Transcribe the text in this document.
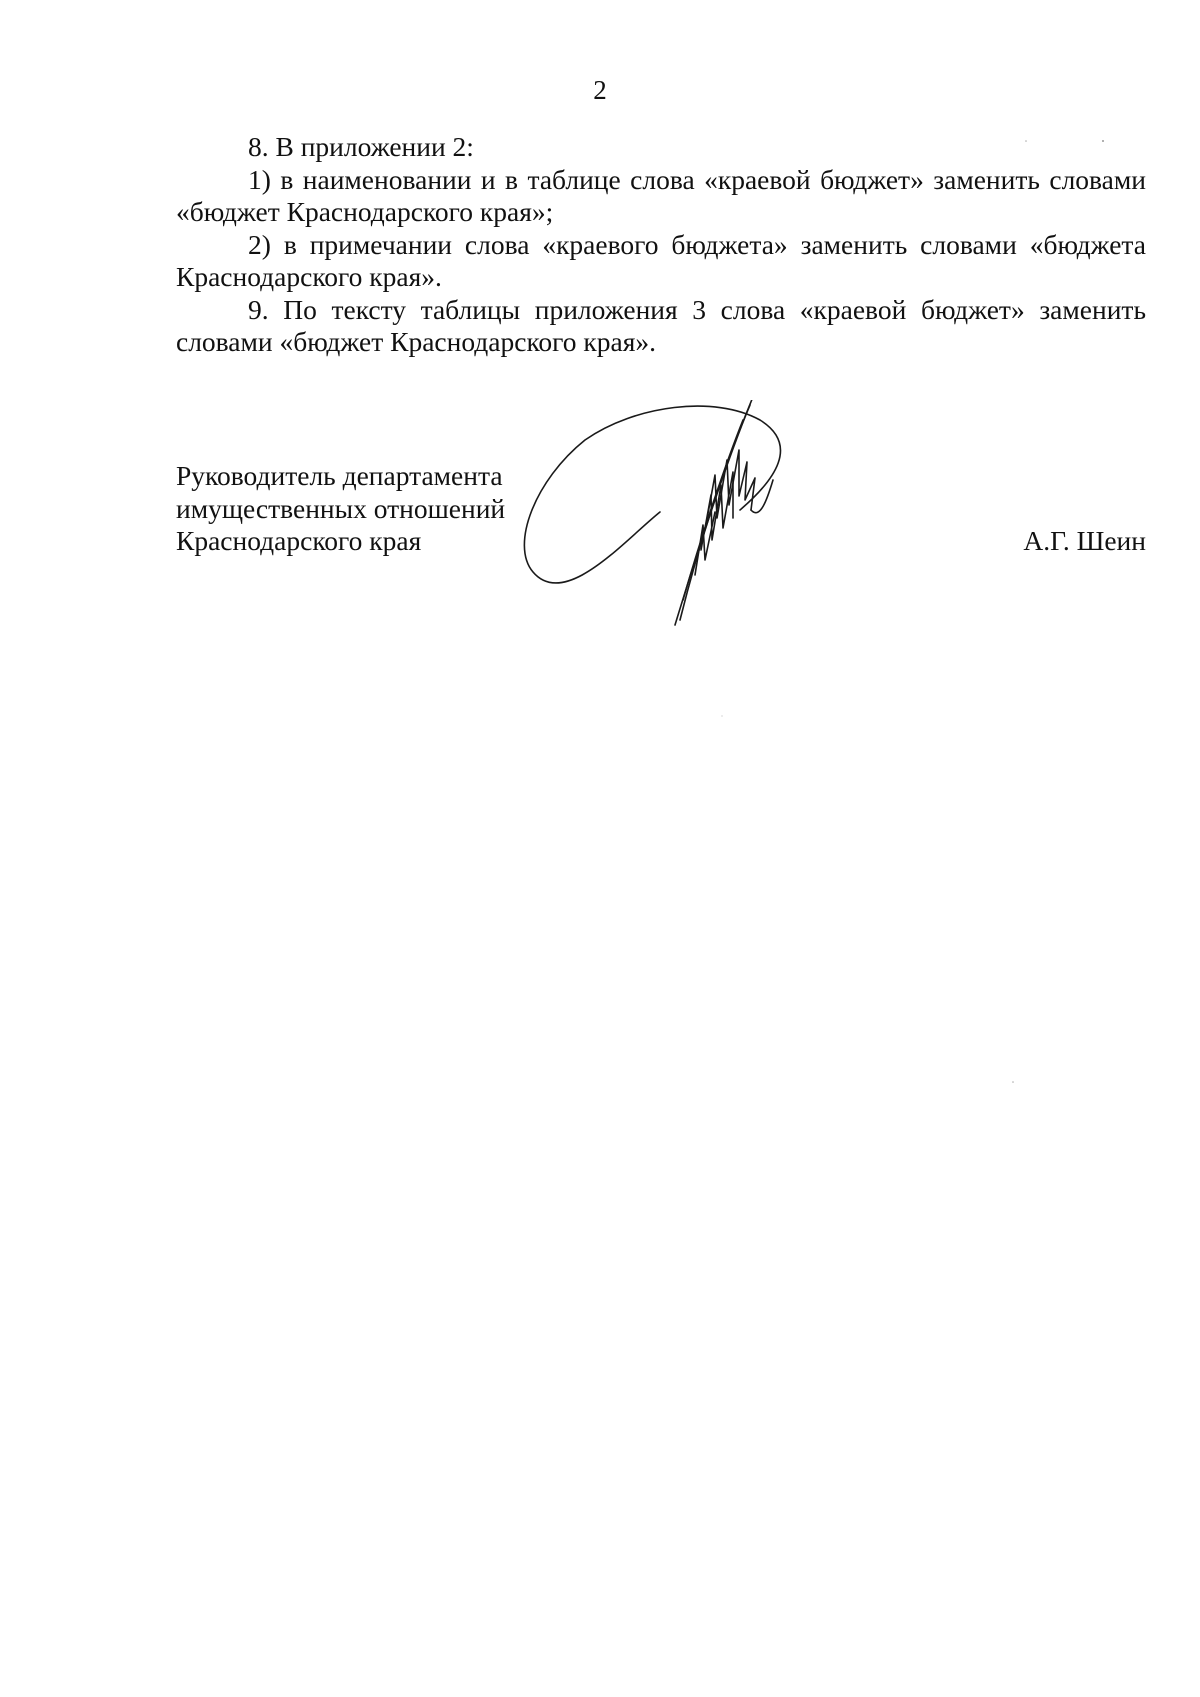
2

8. В приложении 2:

1) в наименовании и в таблице слова «краевой бюджет» заменить словами «бюджет Краснодарского края»;

2) в примечании слова «краевого бюджета» заменить словами «бюджета Краснодарского края».

9. По тексту таблицы приложения 3 слова «краевой бюджет» заменить словами «бюджет Краснодарского края».

Руководитель департамента
имущественных отношений
Краснодарского края	А.Г. Шеин
